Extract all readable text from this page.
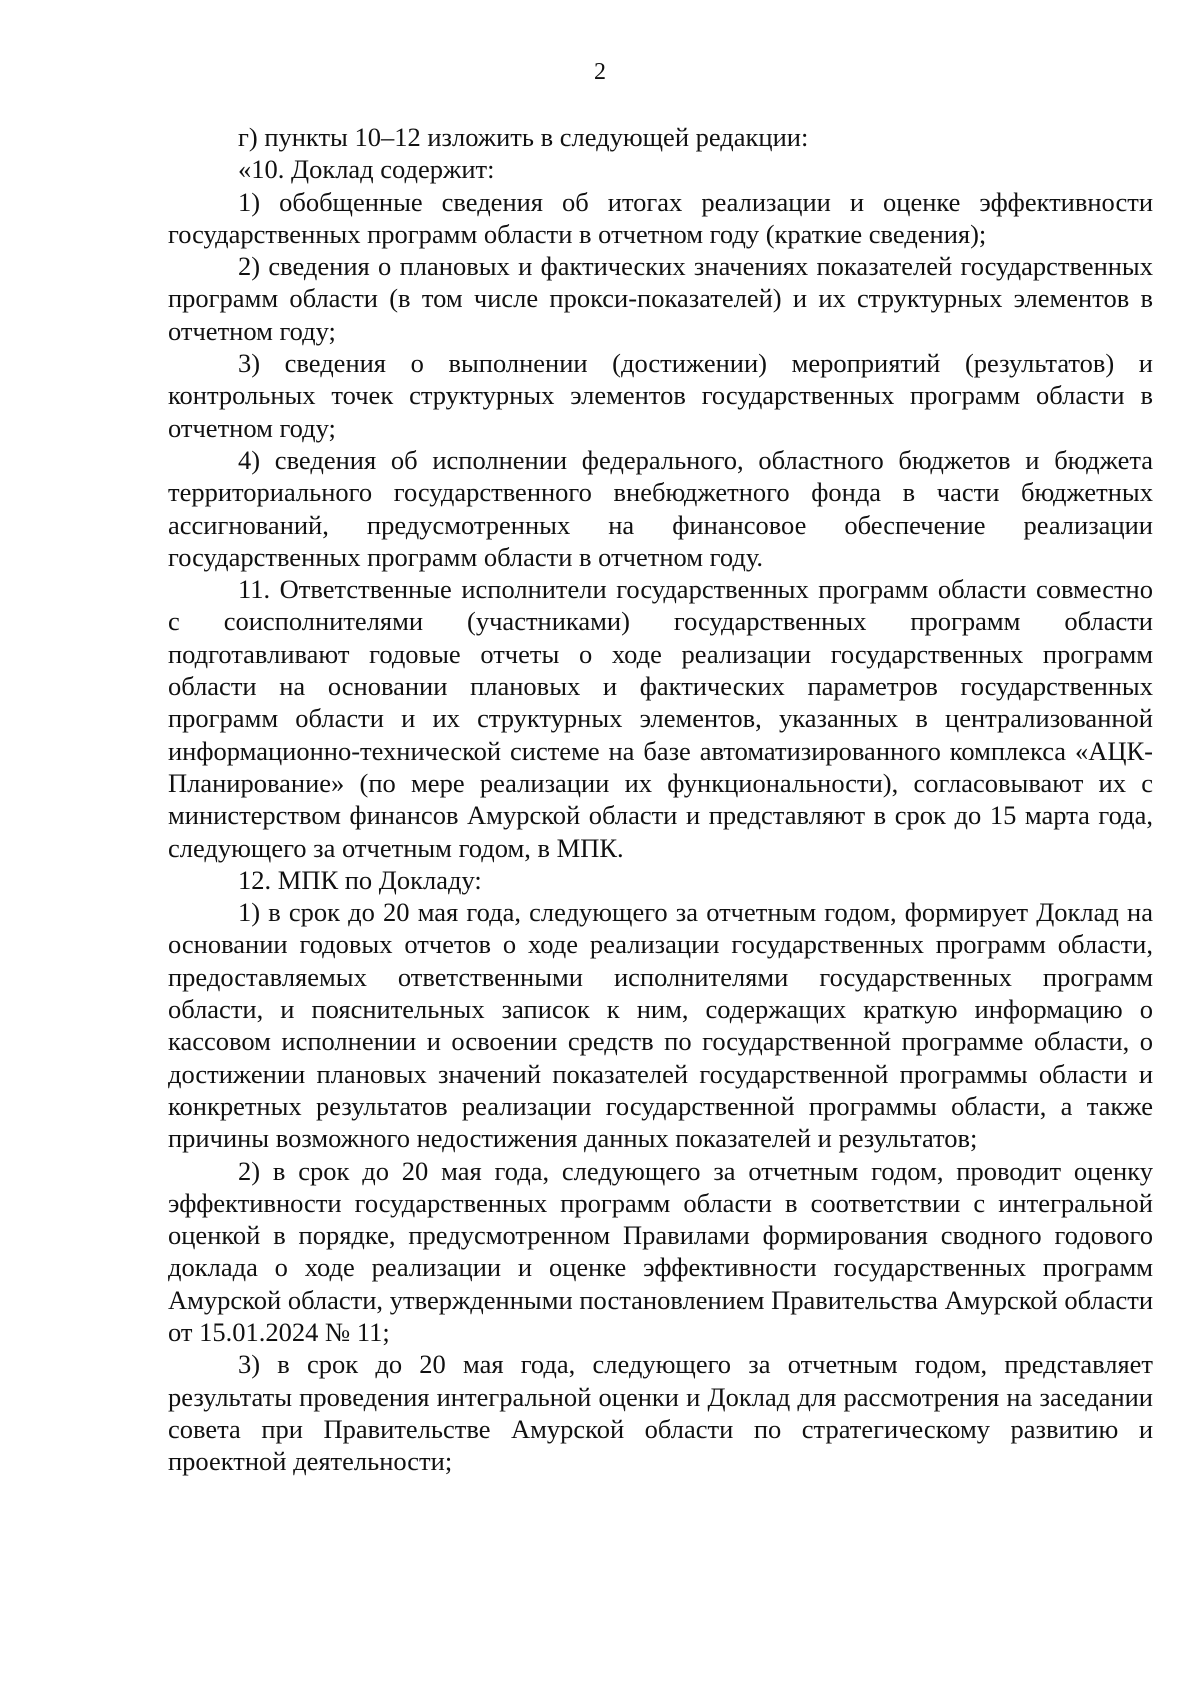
2

г) пункты 10–12 изложить в следующей редакции:

«10. Доклад содержит:

1) обобщенные сведения об итогах реализации и оценке эффективности государственных программ области в отчетном году (краткие сведения);

2) сведения о плановых и фактических значениях показателей государственных программ области (в том числе прокси-показателей) и их структурных элементов в отчетном году;

3) сведения о выполнении (достижении) мероприятий (результатов) и контрольных точек структурных элементов государственных программ области в отчетном году;

4) сведения об исполнении федерального, областного бюджетов и бюджета территориального государственного внебюджетного фонда в части бюджетных ассигнований, предусмотренных на финансовое обеспечение реализации государственных программ области в отчетном году.

11. Ответственные исполнители государственных программ области совместно с соисполнителями (участниками) государственных программ области подготавливают годовые отчеты о ходе реализации государственных программ области на основании плановых и фактических параметров государственных программ области и их структурных элементов, указанных в централизованной информационно-технической системе на базе автоматизированного комплекса «АЦК-Планирование» (по мере реализации их функциональности), согласовывают их с министерством финансов Амурской области и представляют в срок до 15 марта года, следующего за отчетным годом, в МПК.

12. МПК по Докладу:

1) в срок до 20 мая года, следующего за отчетным годом, формирует Доклад на основании годовых отчетов о ходе реализации государственных программ области, предоставляемых ответственными исполнителями государственных программ области, и пояснительных записок к ним, содержащих краткую информацию о кассовом исполнении и освоении средств по государственной программе области, о достижении плановых значений показателей государственной программы области и конкретных результатов реализации государственной программы области, а также причины возможного недостижения данных показателей и результатов;

2) в срок до 20 мая года, следующего за отчетным годом, проводит оценку эффективности государственных программ области в соответствии с интегральной оценкой в порядке, предусмотренном Правилами формирования сводного годового доклада о ходе реализации и оценке эффективности государственных программ Амурской области, утвержденными постановлением Правительства Амурской области от 15.01.2024 № 11;

3) в срок до 20 мая года, следующего за отчетным годом, представляет результаты проведения интегральной оценки и Доклад для рассмотрения на заседании совета при Правительстве Амурской области по стратегическому развитию и проектной деятельности;
